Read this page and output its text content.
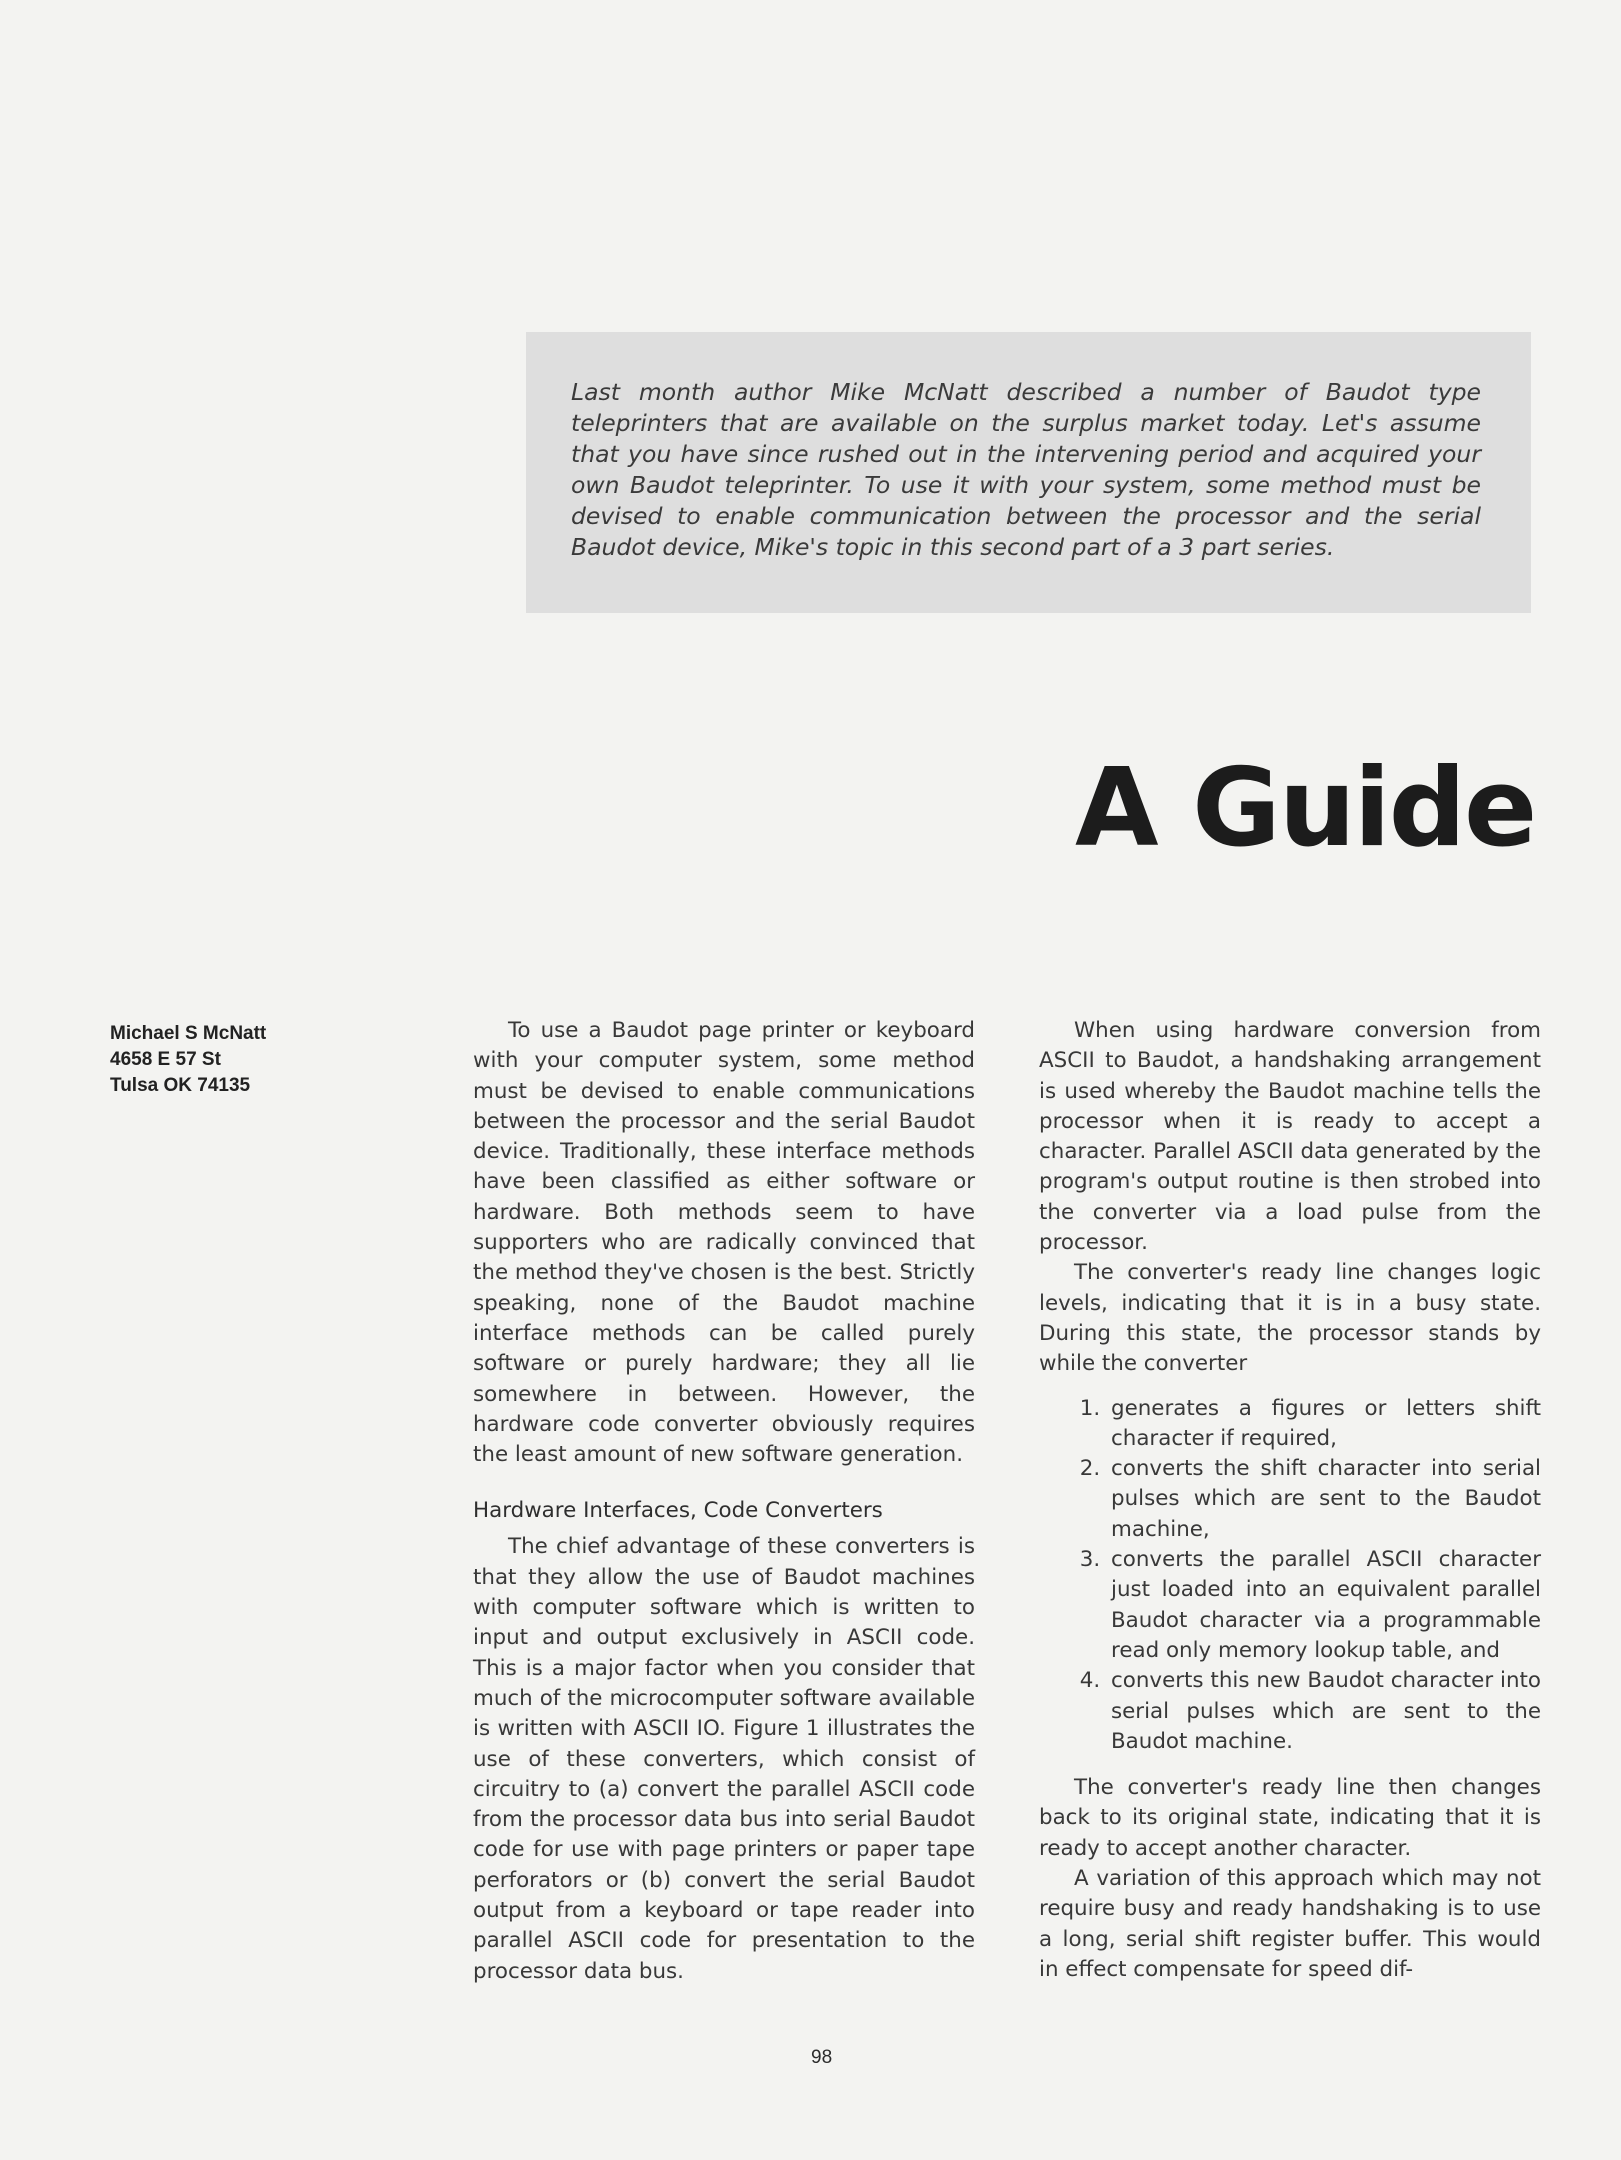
Last month author Mike McNatt described a number of Baudot type teleprinters that are available on the surplus market today. Let's assume that you have since rushed out in the intervening period and acquired your own Baudot teleprinter. To use it with your system, some method must be devised to enable communication between the processor and the serial Baudot device, Mike's topic in this second part of a 3 part series.

A Guide
Michael S McNatt
4658 E 57 St
Tulsa OK 74135

To use a Baudot page printer or keyboard with your computer system, some method must be devised to enable communications between the processor and the serial Baudot device. Traditionally, these interface methods have been classified as either software or hardware. Both methods seem to have supporters who are radically convinced that the method they've chosen is the best. Strictly speaking, none of the Baudot machine interface methods can be called purely software or purely hardware; they all lie somewhere in between. However, the hardware code converter obviously requires the least amount of new software generation.

Hardware Interfaces, Code Converters

The chief advantage of these converters is that they allow the use of Baudot machines with computer software which is written to input and output exclusively in ASCII code. This is a major factor when you consider that much of the microcomputer software available is written with ASCII IO. Figure 1 illustrates the use of these converters, which consist of circuitry to (a) convert the parallel ASCII code from the processor data bus into serial Baudot code for use with page printers or paper tape perforators or (b) convert the serial Baudot output from a keyboard or tape reader into parallel ASCII code for presentation to the processor data bus.

When using hardware conversion from ASCII to Baudot, a handshaking arrangement is used whereby the Baudot machine tells the processor when it is ready to accept a character. Parallel ASCII data generated by the program's output routine is then strobed into the converter via a load pulse from the processor.

The converter's ready line changes logic levels, indicating that it is in a busy state. During this state, the processor stands by while the converter

1. generates a figures or letters shift character if required,
2. converts the shift character into serial pulses which are sent to the Baudot machine,
3. converts the parallel ASCII character just loaded into an equivalent parallel Baudot character via a programmable read only memory lookup table, and
4. converts this new Baudot character into serial pulses which are sent to the Baudot machine.

The converter's ready line then changes back to its original state, indicating that it is ready to accept another character.

A variation of this approach which may not require busy and ready handshaking is to use a long, serial shift register buffer. This would in effect compensate for speed dif-

98
